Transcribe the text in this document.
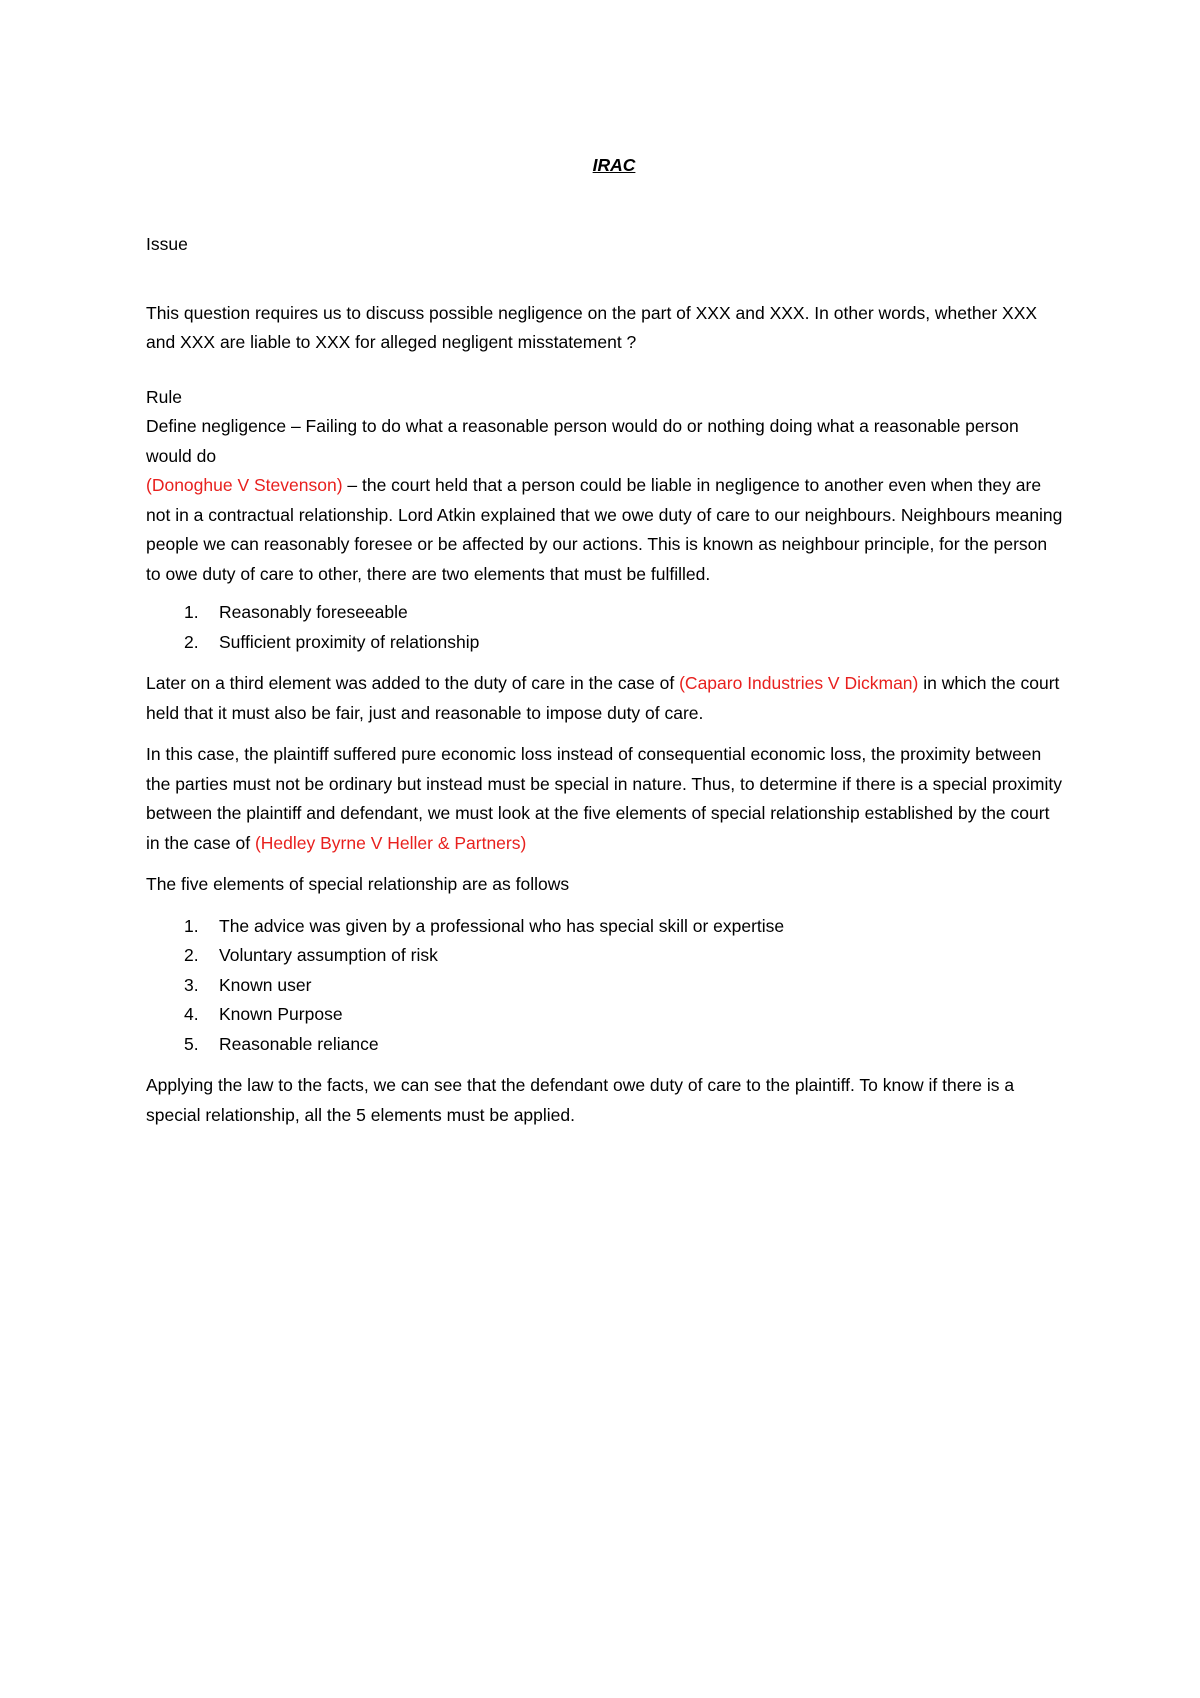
IRAC

Issue

This question requires us to discuss possible negligence on the part of XXX and XXX. In other words, whether XXX and XXX are liable to XXX for alleged negligent misstatement ?

Rule

Define negligence – Failing to do what a reasonable person would do or nothing doing what a reasonable person would do

(Donoghue V Stevenson) – the court held that a person could be liable in negligence to another even when they are not in a contractual relationship. Lord Atkin explained that we owe duty of care to our neighbours. Neighbours meaning people we can reasonably foresee or be affected by our actions. This is known as neighbour principle, for the person to owe duty of care to other, there are two elements that must be fulfilled.

1. Reasonably foreseeable
2. Sufficient proximity of relationship

Later on a third element was added to the duty of care in the case of (Caparo Industries V Dickman) in which the court held that it must also be fair, just and reasonable to impose duty of care.

In this case, the plaintiff suffered pure economic loss instead of consequential economic loss, the proximity between the parties must not be ordinary but instead must be special in nature. Thus, to determine if there is a special proximity between the plaintiff and defendant, we must look at the five elements of special relationship established by the court in the case of (Hedley Byrne V Heller & Partners)

The five elements of special relationship are as follows

1. The advice was given by a professional who has special skill or expertise
2. Voluntary assumption of risk
3. Known user
4. Known Purpose
5. Reasonable reliance

Applying the law to the facts, we can see that the defendant owe duty of care to the plaintiff. To know if there is a special relationship, all the 5 elements must be applied.
